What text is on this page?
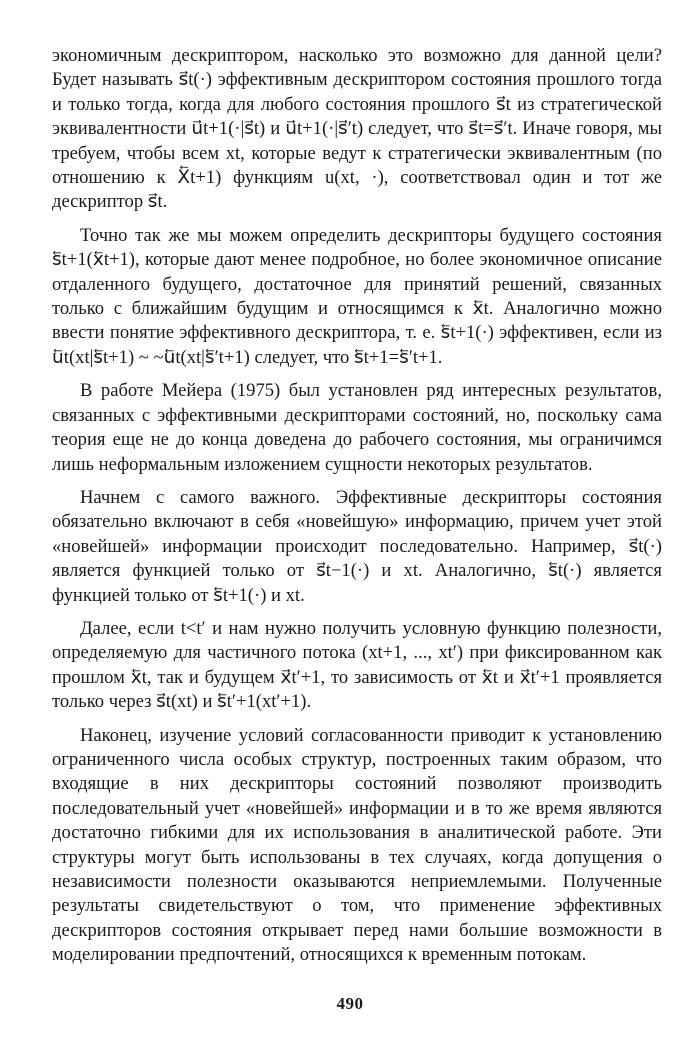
экономичным дескриптором, насколько это возможно для данной цели? Будет называть s⃗t(·) эффективным дескриптором состояния прошлого тогда и только тогда, когда для любого состояния прошлого s⃗t из стратегической эквивалентности u⃗t+1(·|s⃗t) и u⃗t+1(·|s⃗′t) следует, что s⃗t=s⃗′t. Иначе говоря, мы требуем, чтобы всем xt, которые ведут к стратегически эквивалентным (по отношению к X⃖t+1) функциям u(xt, ·), соответствовал один и тот же дескриптор s⃗t.

Точно так же мы можем определить дескрипторы будущего состояния s⃖t+1(x⃖t+1), которые дают менее подробное, но более экономичное описание отдаленного будущего, достаточное для принятий решений, связанных только с ближайшим будущим и относящимся к x⃖t. Аналогично можно ввести понятие эффективного дескриптора, т. е. s⃖t+1(·) эффективен, если из u⃖t(xt|s⃖t+1) ~ ~u⃖t(xt|s⃖′t+1) следует, что s⃖t+1=s⃖′t+1.

В работе Мейера (1975) был установлен ряд интересных результатов, связанных с эффективными дескрипторами состояний, но, поскольку сама теория еще не до конца доведена до рабочего состояния, мы ограничимся лишь неформальным изложением сущности некоторых результатов.

Начнем с самого важного. Эффективные дескрипторы состояния обязательно включают в себя «новейшую» информацию, причем учет этой «новейшей» информации происходит последовательно. Например, s⃗t(·) является функцией только от s⃗t−1(·) и xt. Аналогично, s⃖t(·) является функцией только от s⃖t+1(·) и xt.

Далее, если t<t′ и нам нужно получить условную функцию полезности, определяемую для частичного потока (xt+1, ..., xt′) при фиксированном как прошлом x⃖t, так и будущем x⃗t′+1, то зависимость от x⃖t и x⃗t′+1 проявляется только через s⃗t(xt) и s⃖t′+1(xt′+1).

Наконец, изучение условий согласованности приводит к установлению ограниченного числа особых структур, построенных таким образом, что входящие в них дескрипторы состояний позволяют производить последовательный учет «новейшей» информации и в то же время являются достаточно гибкими для их использования в аналитической работе. Эти структуры могут быть использованы в тех случаях, когда допущения о независимости полезности оказываются неприемлемыми. Полученные результаты свидетельствуют о том, что применение эффективных дескрипторов состояния открывает перед нами большие возможности в моделировании предпочтений, относящихся к временным потокам.

490
